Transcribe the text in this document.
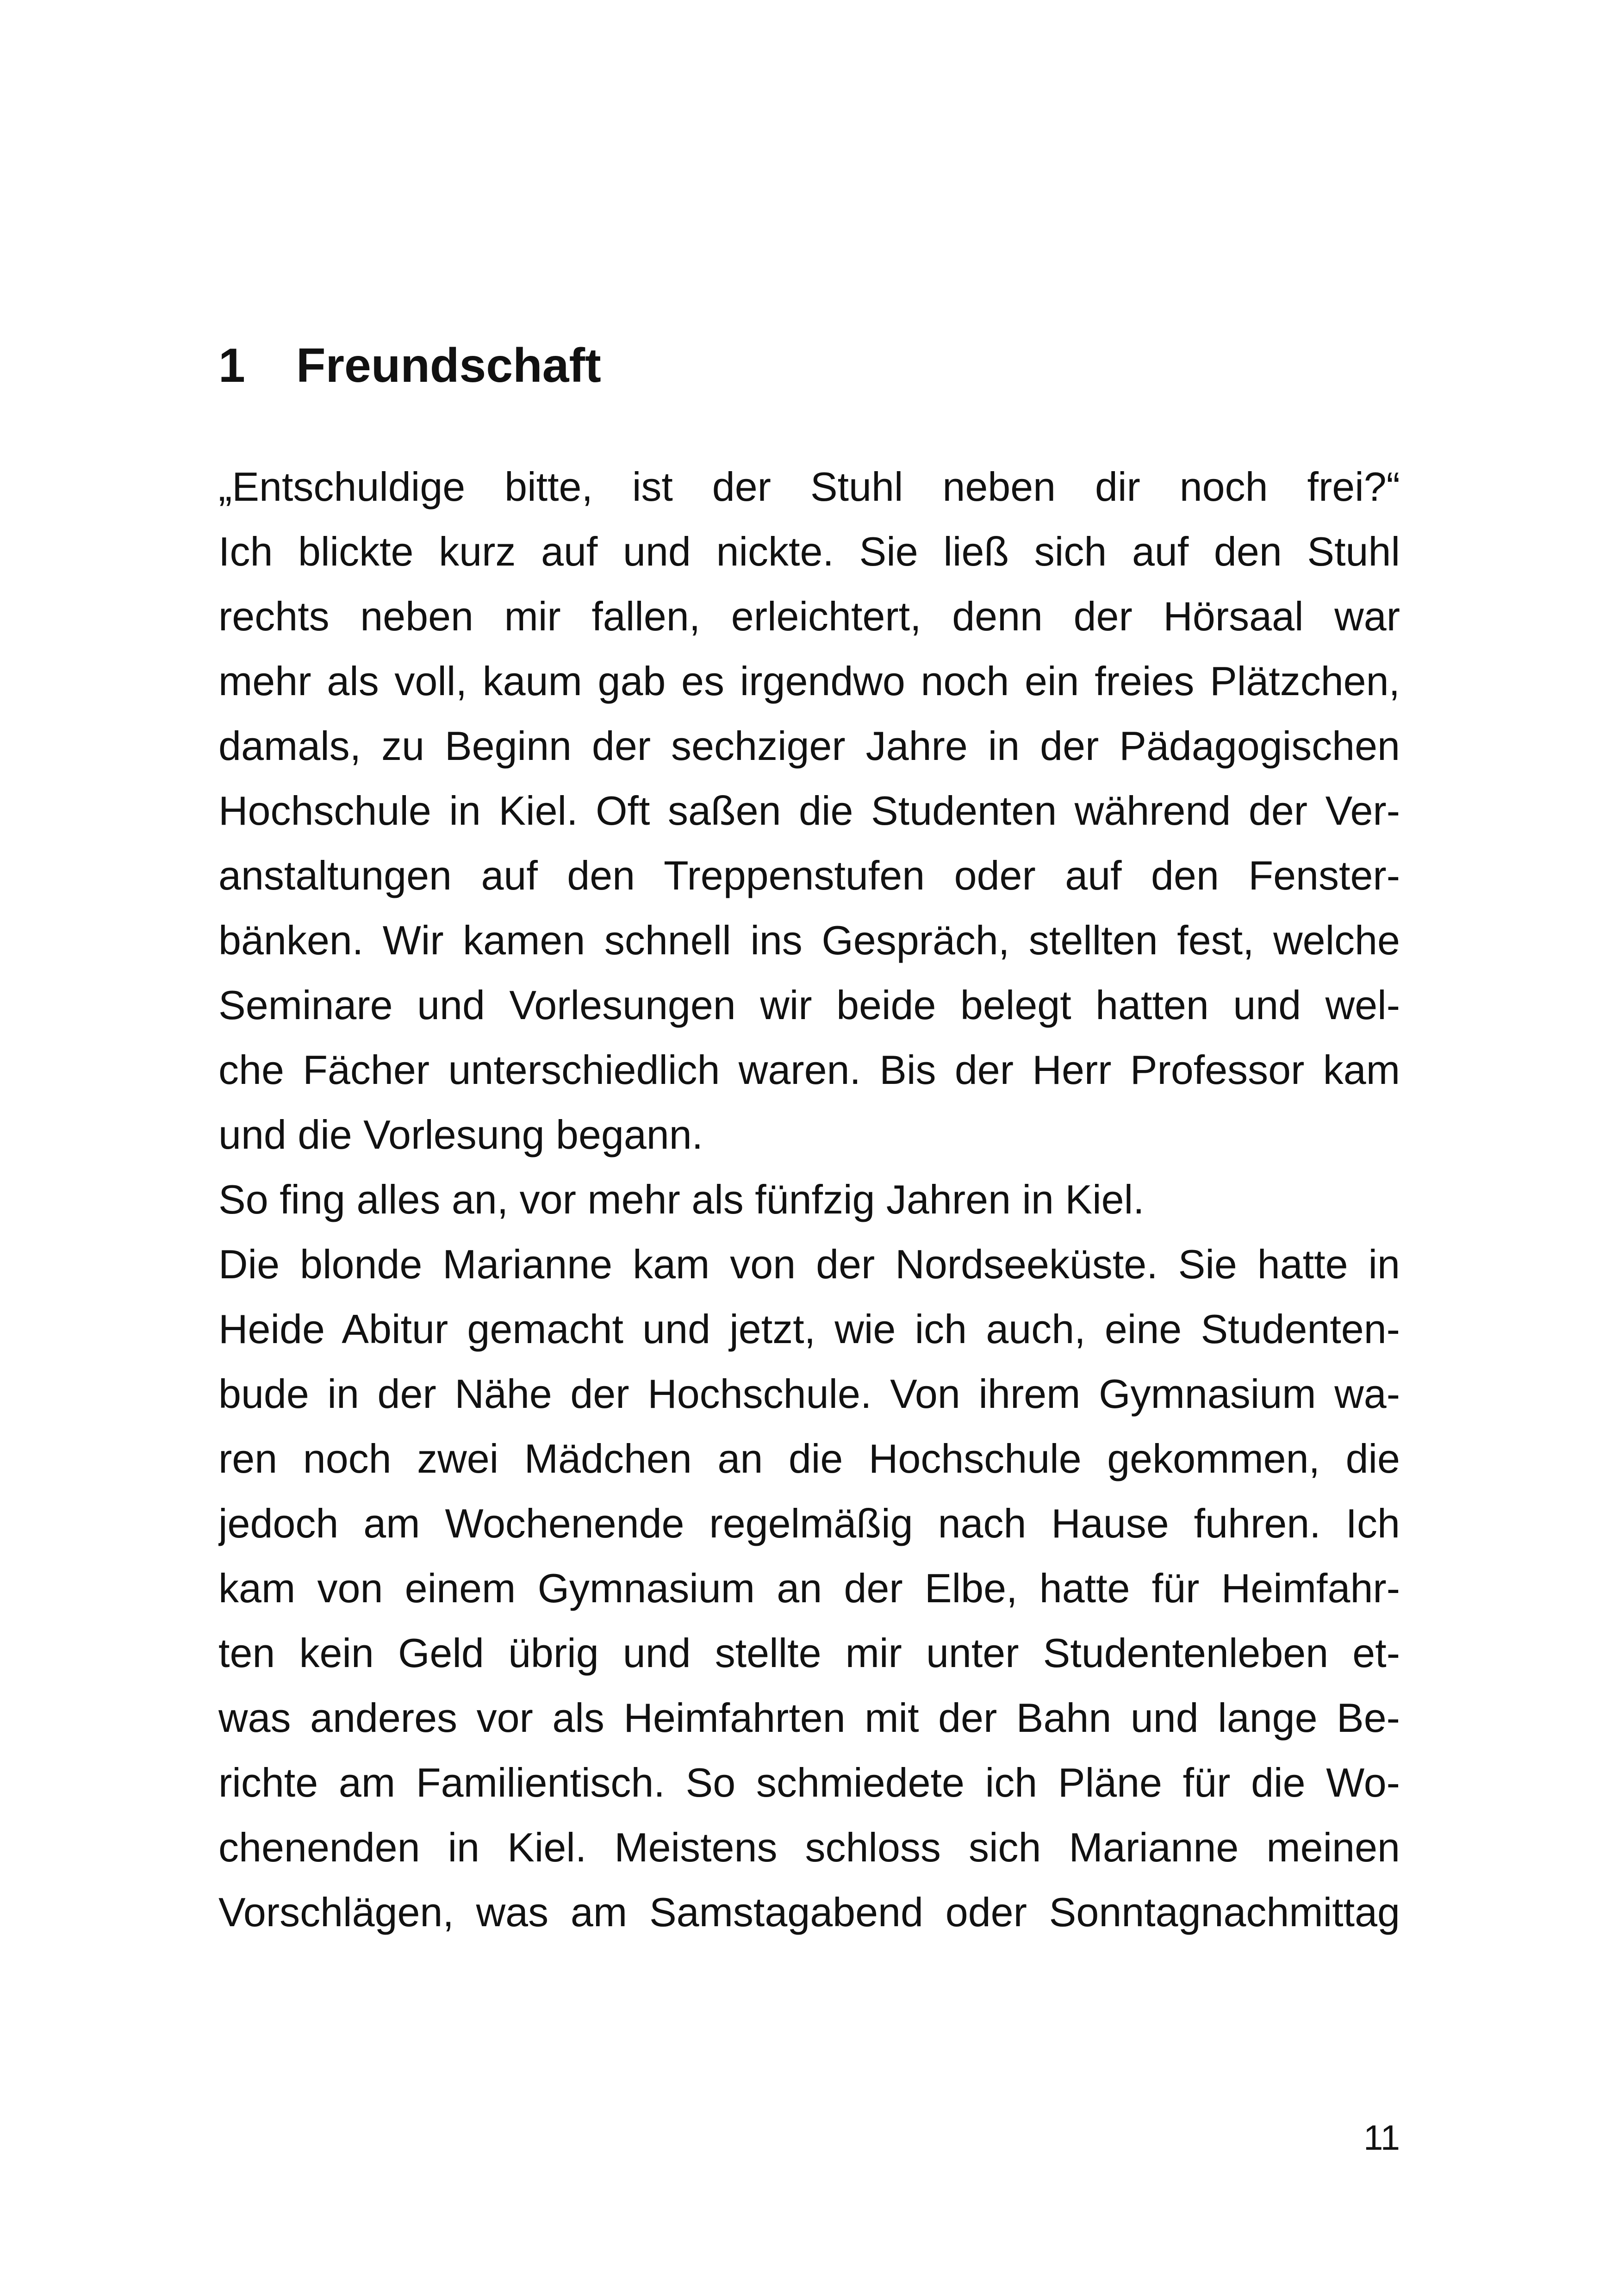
1	Freundschaft
„Entschuldige bitte, ist der Stuhl neben dir noch frei?“
Ich blickte kurz auf und nickte. Sie ließ sich auf den Stuhl
rechts neben mir fallen, erleichtert, denn der Hörsaal war
mehr als voll, kaum gab es irgendwo noch ein freies Plätzchen,
damals, zu Beginn der sechziger Jahre in der Pädagogischen
Hochschule in Kiel. Oft saßen die Studenten während der Ver-
anstaltungen auf den Treppenstufen oder auf den Fenster-
bänken. Wir kamen schnell ins Gespräch, stellten fest, welche
Seminare und Vorlesungen wir beide belegt hatten und wel-
che Fächer unterschiedlich waren. Bis der Herr Professor kam
und die Vorlesung begann.
So fing alles an, vor mehr als fünfzig Jahren in Kiel.
Die blonde Marianne kam von der Nordseeküste. Sie hatte in
Heide Abitur gemacht und jetzt, wie ich auch, eine Studenten-
bude in der Nähe der Hochschule. Von ihrem Gymnasium wa-
ren noch zwei Mädchen an die Hochschule gekommen, die
jedoch am Wochenende regelmäßig nach Hause fuhren. Ich
kam von einem Gymnasium an der Elbe, hatte für Heimfahr-
ten kein Geld übrig und stellte mir unter Studentenleben et-
was anderes vor als Heimfahrten mit der Bahn und lange Be-
richte am Familientisch. So schmiedete ich Pläne für die Wo-
chenenden in Kiel. Meistens schloss sich Marianne meinen
Vorschlägen, was am Samstagabend oder Sonntagnachmittag
11
